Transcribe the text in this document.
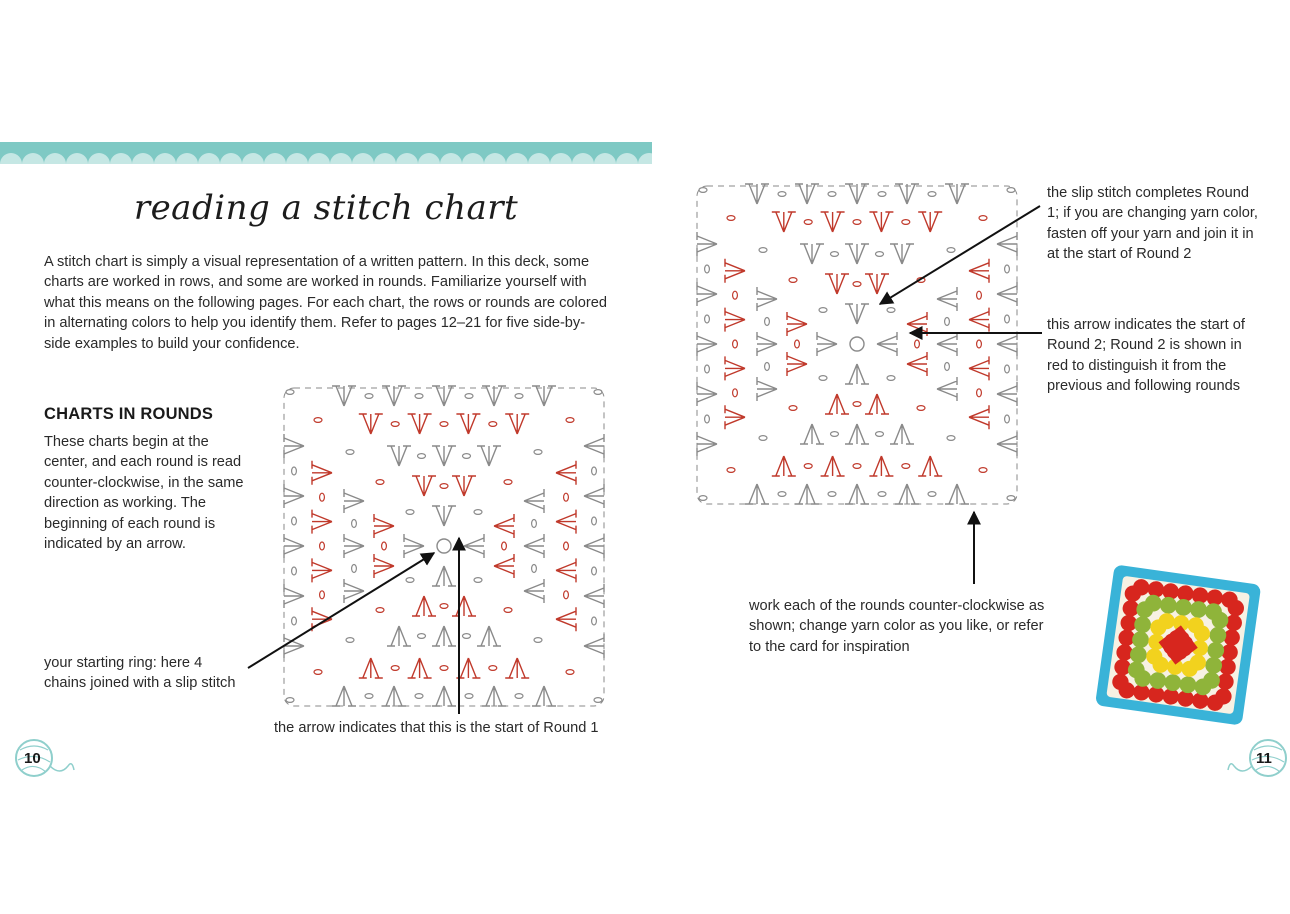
reading a stitch chart
A stitch chart is simply a visual representation of a written pattern. In this deck, some charts are worked in rows, and some are worked in rounds. Familiarize yourself with what this means on the following pages. For each chart, the rows or rounds are colored in alternating colors to help you identify them. Refer to pages 12–21 for five side-by-side examples to build your confidence.
CHARTS IN ROUNDS
These charts begin at the center, and each round is read counter-clockwise, in the same direction as working. The beginning of each round is indicated by an arrow.
your starting ring: here 4 chains joined with a slip stitch
the arrow indicates that this is the start of Round 1
the slip stitch completes Round 1; if you are changing yarn color, fasten off your yarn and join it in at the start of Round 2
this arrow indicates the start of Round 2; Round 2 is shown in red to distinguish it from the previous and following rounds
work each of the rounds counter-clockwise as shown; change yarn color as you like, or refer to the card for inspiration
10	11
